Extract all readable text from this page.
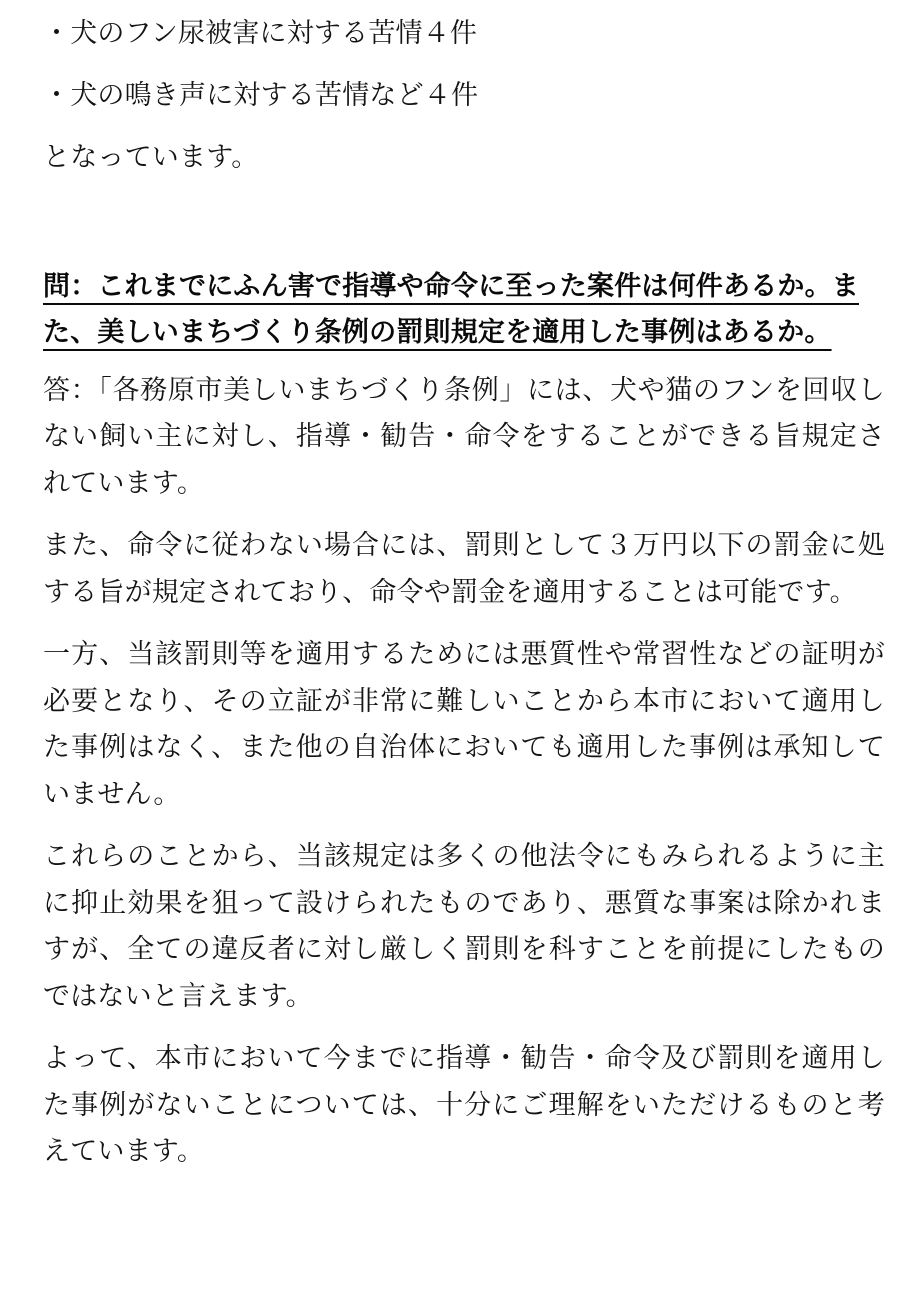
・犬のフン尿被害に対する苦情４件

・犬の鳴き声に対する苦情など４件

となっています。

問：これまでにふん害で指導や命令に至った案件は何件あるか。また、美しいまちづくり条例の罰則規定を適用した事例はあるか。

答：「各務原市美しいまちづくり条例」には、犬や猫のフンを回収しない飼い主に対し、指導・勧告・命令をすることができる旨規定されています。

また、命令に従わない場合には、罰則として３万円以下の罰金に処する旨が規定されており、命令や罰金を適用することは可能です。

一方、当該罰則等を適用するためには悪質性や常習性などの証明が必要となり、その立証が非常に難しいことから本市において適用した事例はなく、また他の自治体においても適用した事例は承知していません。

これらのことから、当該規定は多くの他法令にもみられるように主に抑止効果を狙って設けられたものであり、悪質な事案は除かれますが、全ての違反者に対し厳しく罰則を科すことを前提にしたものではないと言えます。

よって、本市において今までに指導・勧告・命令及び罰則を適用した事例がないことについては、十分にご理解をいただけるものと考えています。
